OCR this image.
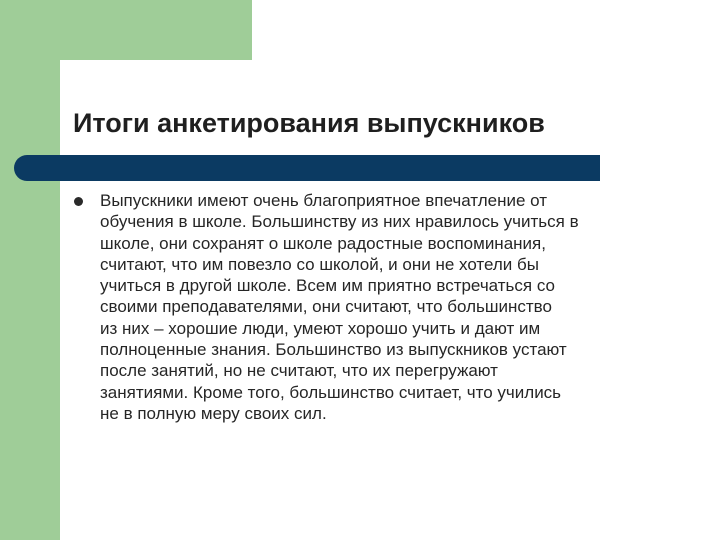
Итоги анкетирования выпускников
Выпускники имеют очень благоприятное впечатление от
обучения в школе. Большинству из них нравилось учиться в
школе, они сохранят о школе радостные воспоминания,
считают, что им повезло со школой, и они не хотели бы
учиться в другой школе. Всем им приятно встречаться со
своими преподавателями, они считают, что большинство
из них – хорошие люди, умеют хорошо учить и дают им
полноценные знания. Большинство из выпускников устают
после занятий, но не считают, что их перегружают
занятиями. Кроме того, большинство считает, что учились
не в полную меру своих сил.
